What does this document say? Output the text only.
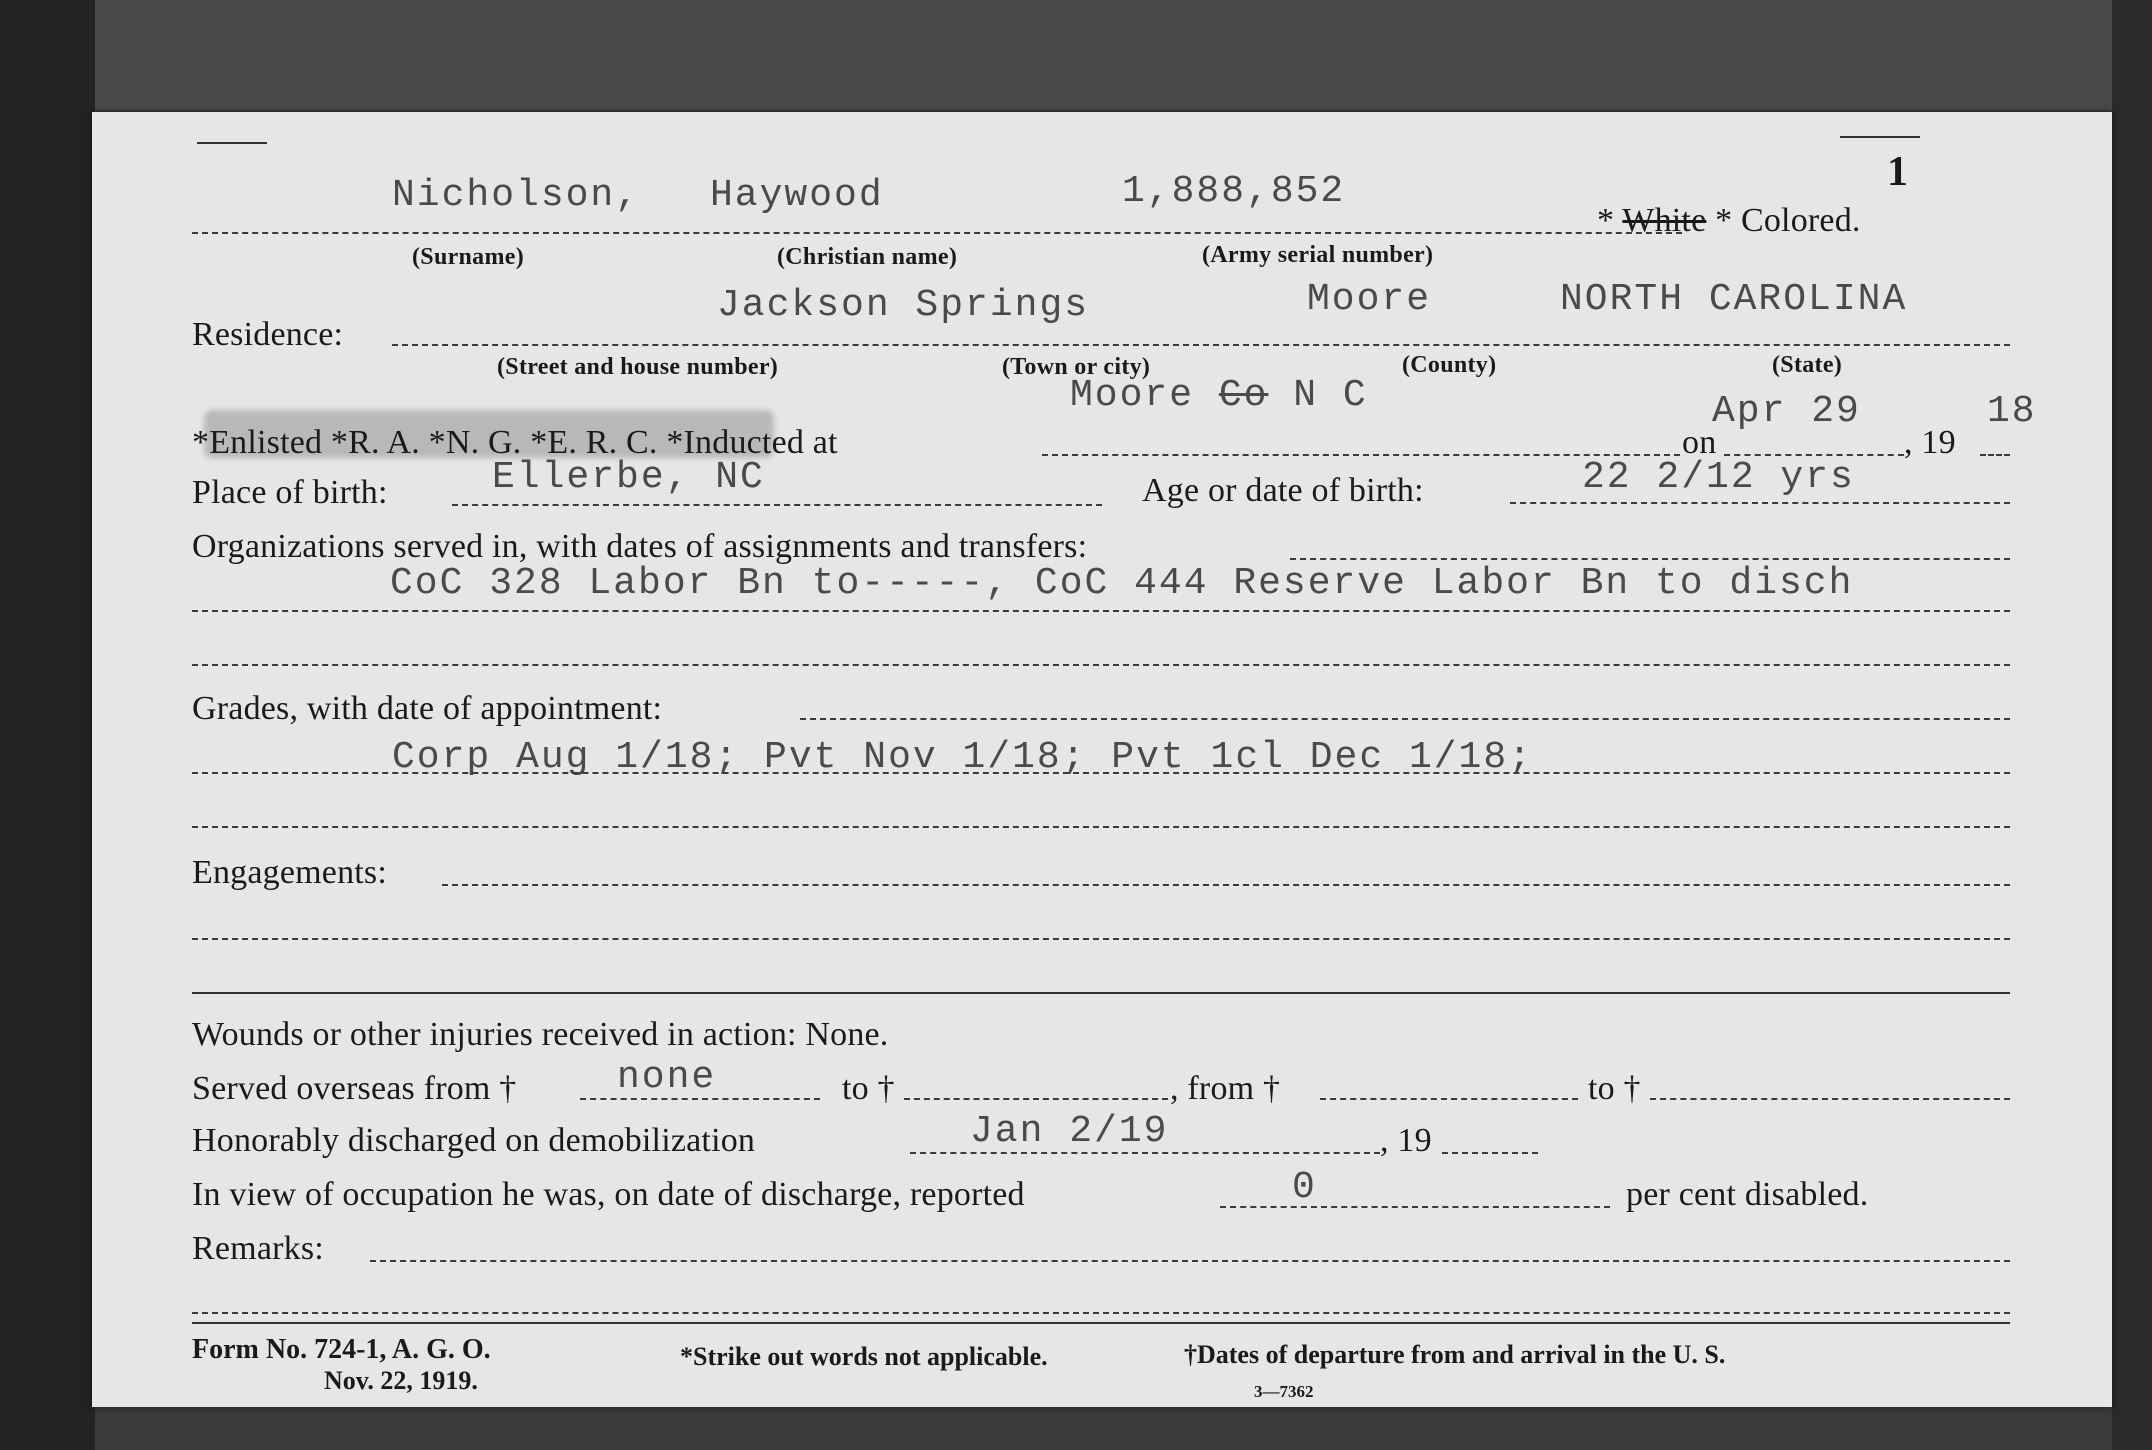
1
Nicholson, Haywood	1,888,852
* White * Colored.
(Surname)	(Christian name)	(Army serial number)
Residence:
Jackson Springs	Moore	NORTH CAROLINA
(Street and house number)	(Town or city)	(County)	(State)
Moore Co N C
*Enlisted *R. A. *N. G. *E. R. C. *Inducted at	on
Apr 29
, 19
18
Place of birth:	Ellerbe, NC	Age or date of birth:	22 2/12 yrs
Organizations served in, with dates of assignments and transfers:
CoC 328 Labor Bn to-----, CoC 444 Reserve Labor Bn to disch
Grades, with date of appointment:
Corp Aug 1/18; Pvt Nov 1/18; Pvt 1cl Dec 1/18;
Engagements:
Wounds or other injuries received in action: None.
Served overseas from †	none	to †	, from †	to †
Honorably discharged on demobilization	Jan 2/19	, 19
In view of occupation he was, on date of discharge, reported	0	per cent disabled.
Remarks:
Form No. 724-1, A. G. O.
Nov. 22, 1919.
*Strike out words not applicable.	†Dates of departure from and arrival in the U. S.
3—7362
